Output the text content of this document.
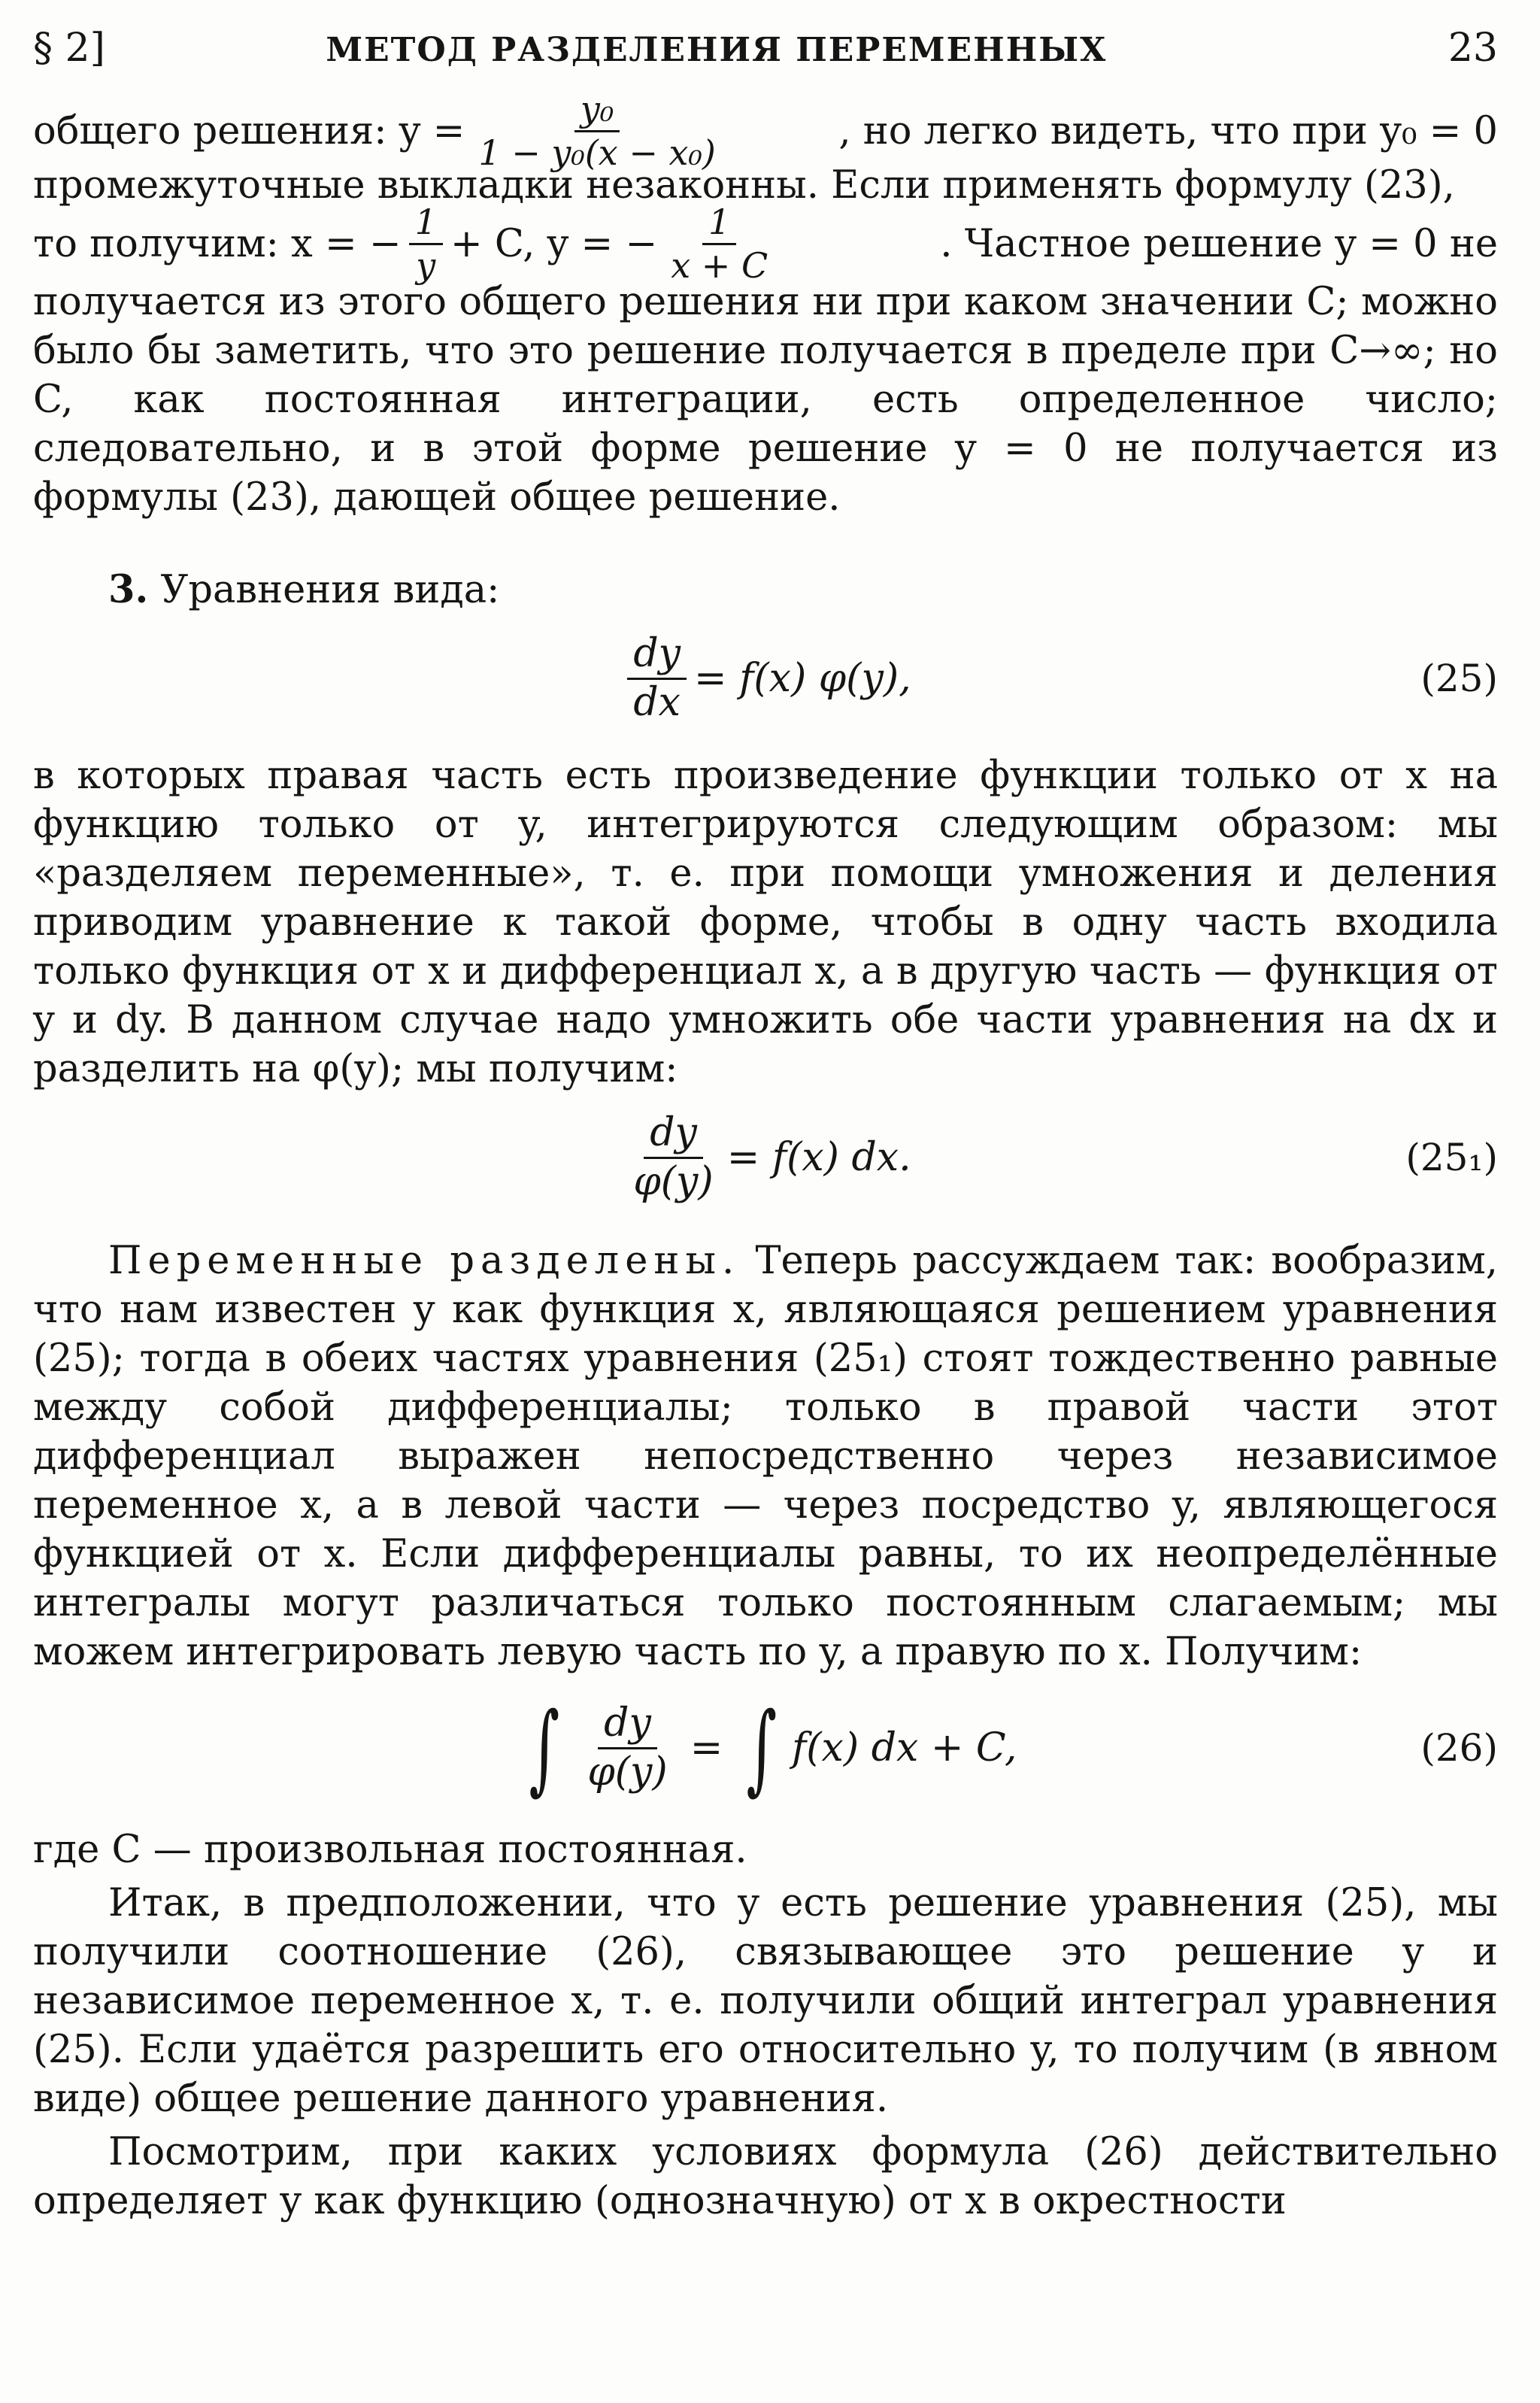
§ 2]	МЕТОД РАЗДЕЛЕНИЯ ПЕРЕМЕННЫХ	23
общего решения: $y = \frac{\text{y₀}}{\text{1 − y₀(x − x₀)}}$	, но легко видеть, что при y₀ = 0

промежуточные выкладки незаконны. Если применять формулу (23),

то получим: x = − $\frac{1}{y} + C$, y = − $\frac{1}{x + C}$	. Частное решение y = 0 не

получается из этого общего решения ни при каком значении C; можно было бы заметить, что это решение получается в пределе при C→∞; но C, как постоянная интеграции, есть определенное число; следовательно, и в этой форме решение y = 0 не получается из формулы (23), дающей общее решение.

3. Уравнения вида:
$\frac{dy}{dx} = f(x)$ φ(y),	(25)

в которых правая часть есть произведение функции только от x на функцию только от y, интегрируются следующим образом: мы «разделяем переменные», т. е. при помощи умножения и деления приводим уравнение к такой форме, чтобы в одну часть входила только функция от x и дифференциал x, а в другую часть — функция от y и dy. В данном случае надо умножить обе части уравнения на dx и разделить на φ(y); мы получим:

$\frac{dy}{\varphi(y)} = f(x)$ dx.	(25₁)

Переменные разделены. Теперь рассуждаем так: вообразим, что нам известен y как функция x, являющаяся решением уравнения (25); тогда в обеих частях уравнения (25₁) стоят тождественно равные между собой дифференциалы; только в правой части этот дифференциал выражен непосредственно через независимое переменное x, а в левой части — через посредство y, являющегося функцией от x. Если дифференциалы равны, то их неопределённые интегралы могут различаться только постоянным слагаемым; мы можем интегрировать левую часть по y, а правую по x. Получим:

∫ $\frac{dy}{\varphi(y)}$ = ∫ f(x) dx + C,	(26)

где C — произвольная постоянная.

Итак, в предположении, что y есть решение уравнения (25), мы получили соотношение (26), связывающее это решение y и независимое переменное x, т. е. получили общий интеграл уравнения (25). Если удаётся разрешить его относительно y, то получим (в явном виде) общее решение данного уравнения.

Посмотрим, при каких условиях формула (26) действительно определяет y как функцию (однозначную) от x в окрестности
